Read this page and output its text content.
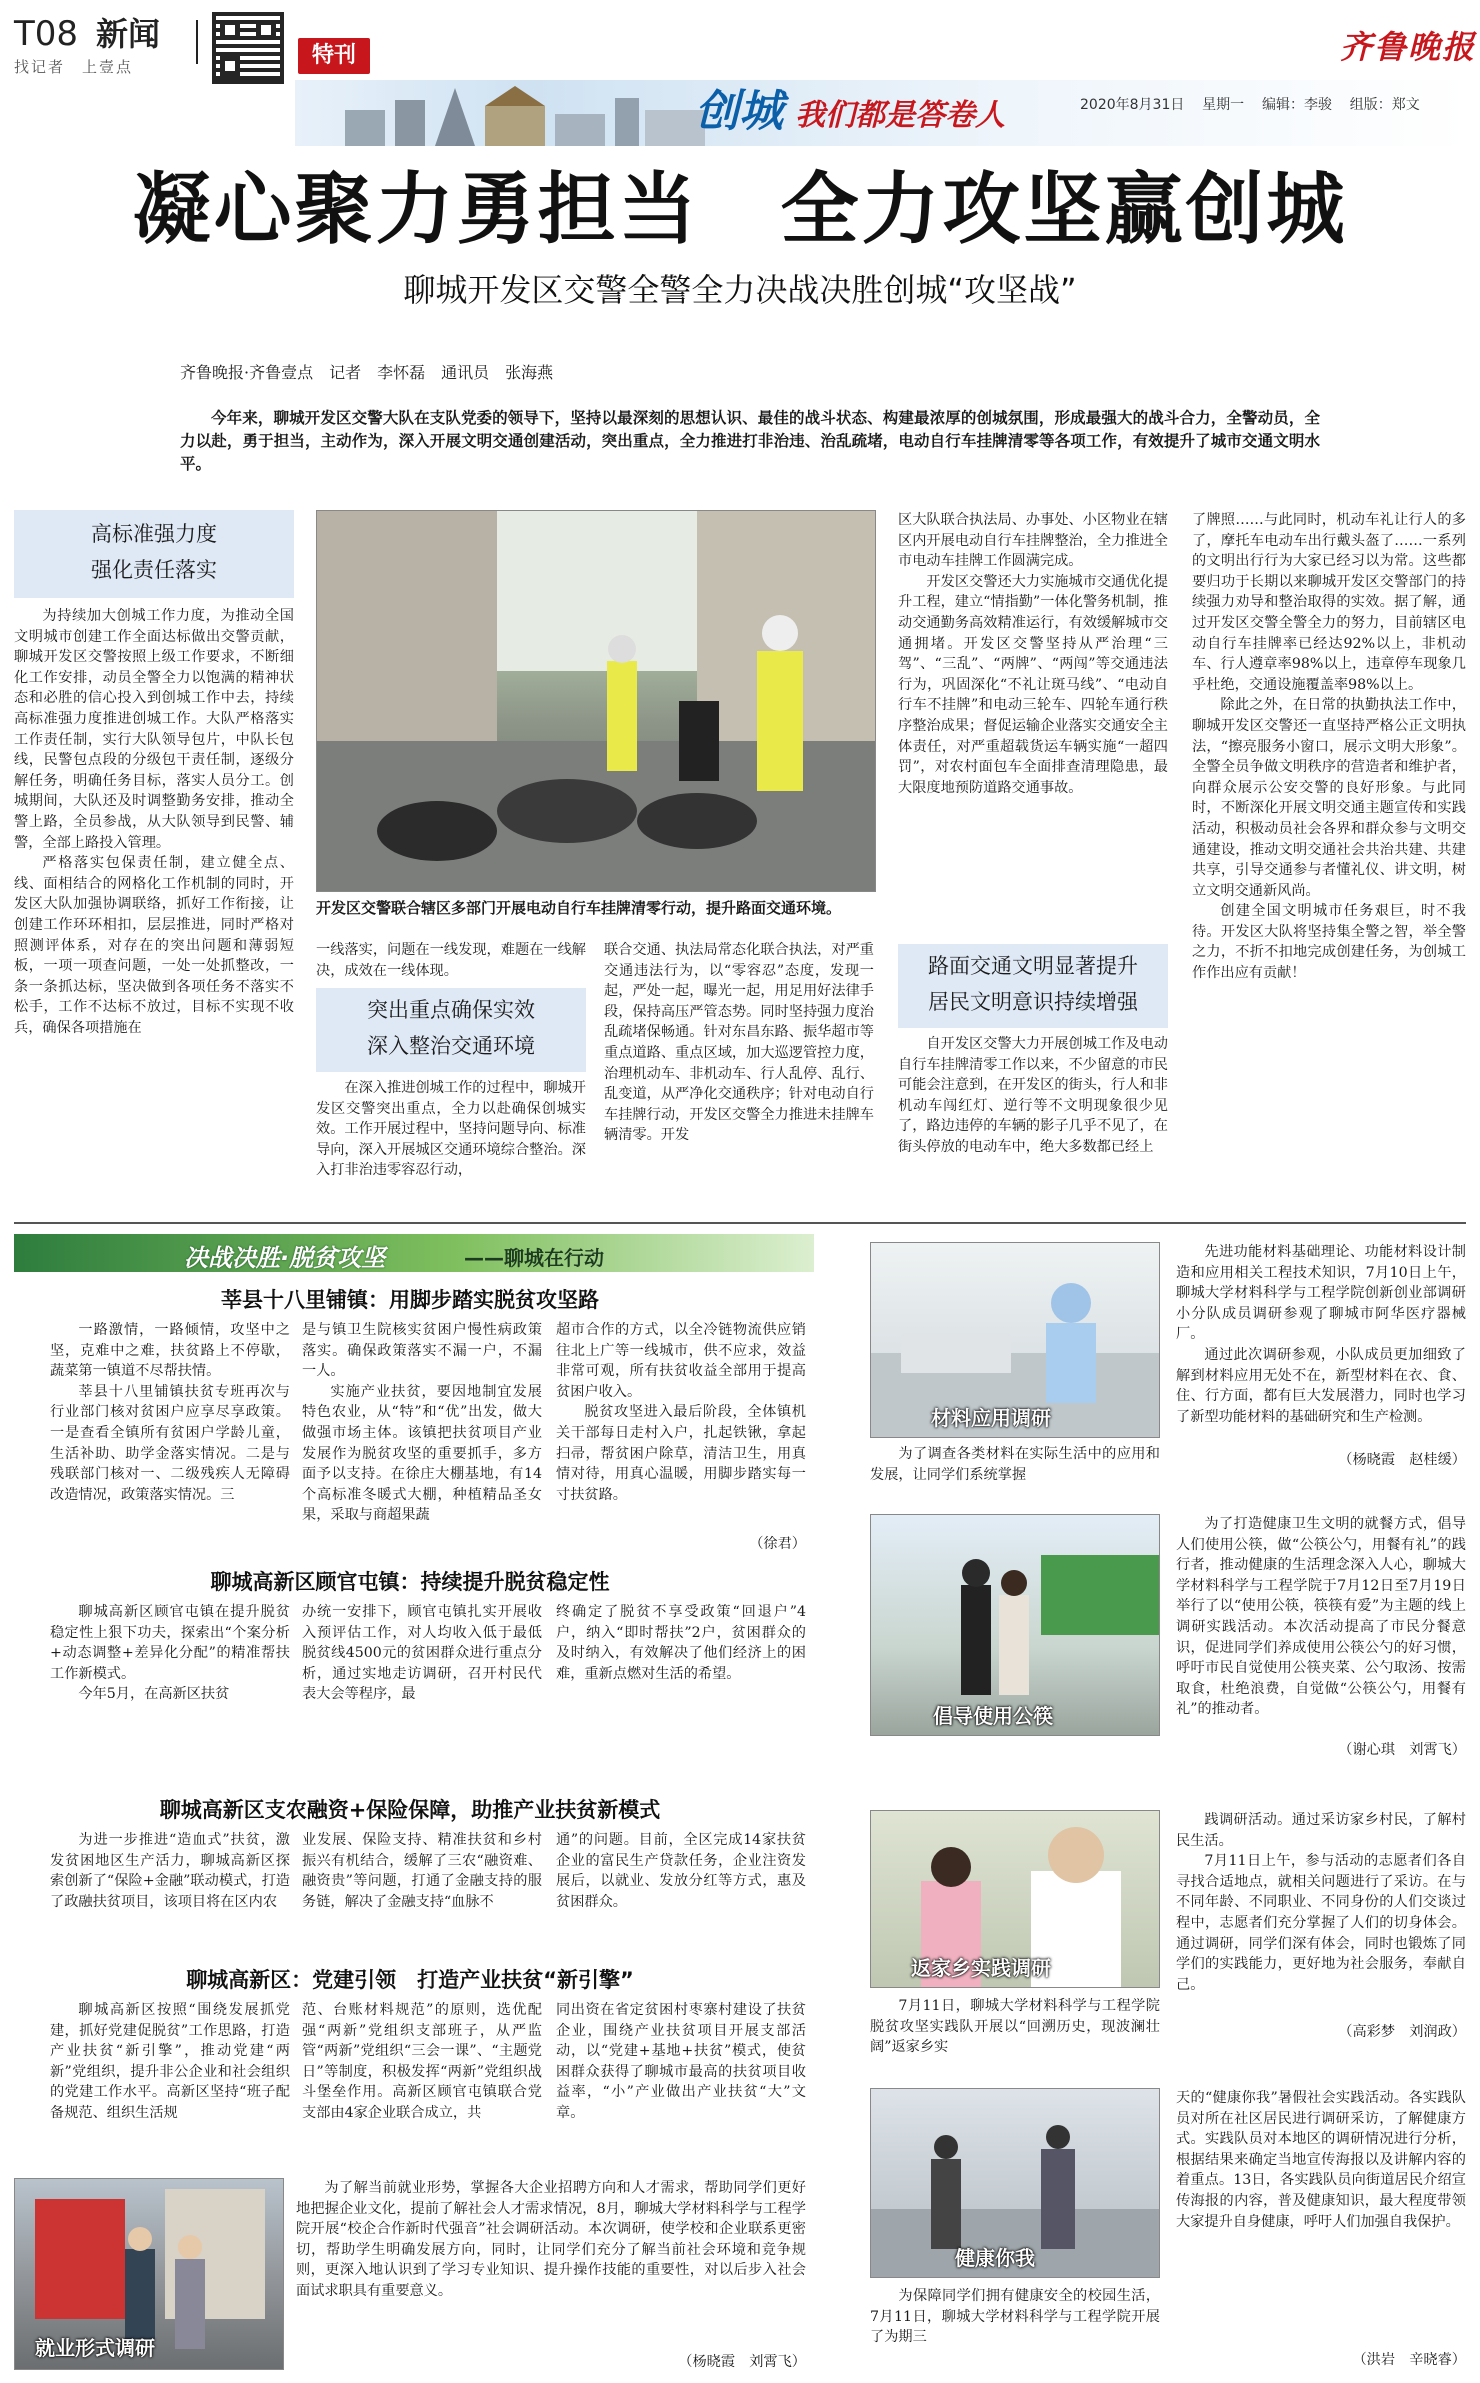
T08 新闻
找记者　上壹点	特刊
创城 我们都是答卷人	2020年8月31日 星期一 编辑：李骏 组版：郑文
齐鲁晚报
凝心聚力勇担当　全力攻坚赢创城
聊城开发区交警全警全力决战决胜创城“攻坚战”
齐鲁晚报·齐鲁壹点　记者　李怀磊　通讯员　张海燕

今年来，聊城开发区交警大队在支队党委的领导下，坚持以最深刻的思想认识、最佳的战斗状态、构建最浓厚的创城氛围，形成最强大的战斗合力，全警动员，全力以赴，勇于担当，主动作为，深入开展文明交通创建活动，突出重点，全力推进打非治违、治乱疏堵，电动自行车挂牌清零等各项工作，有效提升了城市交通文明水平。

高标准强力度
强化责任落实

为持续加大创城工作力度，为推动全国文明城市创建工作全面达标做出交警贡献，聊城开发区交警按照上级工作要求，不断细化工作安排，动员全警全力以饱满的精神状态和必胜的信心投入到创城工作中去，持续高标准强力度推进创城工作。大队严格落实工作责任制，实行大队领导包片，中队长包线，民警包点段的分级包干责任制，逐级分解任务，明确任务目标，落实人员分工。创城期间，大队还及时调整勤务安排，推动全警上路，全员参战，从大队领导到民警、辅警，全部上路投入管理。

严格落实包保责任制，建立健全点、线、面相结合的网格化工作机制的同时，开发区大队加强协调联络，抓好工作衔接，让创建工作环环相扣，层层推进，同时严格对照测评体系，对存在的突出问题和薄弱短板，一项一项查问题，一处一处抓整改，一条一条抓达标，坚决做到各项任务不落实不松手，工作不达标不放过，目标不实现不收兵，确保各项措施在

开发区交警联合辖区多部门开展电动自行车挂牌清零行动，提升路面交通环境。

一线落实，问题在一线发现，难题在一线解决，成效在一线体现。

突出重点确保实效
深入整治交通环境

在深入推进创城工作的过程中，聊城开发区交警突出重点，全力以赴确保创城实效。工作开展过程中，坚持问题导向、标准导向，深入开展城区交通环境综合整治。深入打非治违零容忍行动，

联合交通、执法局常态化联合执法，对严重交通违法行为，以“零容忍”态度，发现一起，严处一起，曝光一起，用足用好法律手段，保持高压严管态势。同时坚持强力度治乱疏堵保畅通。针对东昌东路、振华超市等重点道路、重点区域，加大巡逻管控力度，治理机动车、非机动车、行人乱停、乱行、乱变道，从严净化交通秩序；针对电动自行车挂牌行动，开发区交警全力推进未挂牌车辆清零。开发

区大队联合执法局、办事处、小区物业在辖区内开展电动自行车挂牌整治，全力推进全市电动车挂牌工作圆满完成。

开发区交警还大力实施城市交通优化提升工程，建立“情指勤”一体化警务机制，推动交通勤务高效精准运行，有效缓解城市交通拥堵。开发区交警坚持从严治理“三驾”、“三乱”、“两牌”、“两闯”等交通违法行为，巩固深化“不礼让斑马线”、“电动自行车不挂牌”和电动三轮车、四轮车通行秩序整治成果；督促运输企业落实交通安全主体责任，对严重超载货运车辆实施“一超四罚”，对农村面包车全面排查清理隐患，最大限度地预防道路交通事故。

路面交通文明显著提升
居民文明意识持续增强

自开发区交警大力开展创城工作及电动自行车挂牌清零工作以来，不少留意的市民可能会注意到，在开发区的街头，行人和非机动车闯红灯、逆行等不文明现象很少见了，路边违停的车辆的影子几乎不见了，在街头停放的电动车中，绝大多数都已经上

了牌照……与此同时，机动车礼让行人的多了，摩托车电动车出行戴头盔了……一系列的文明出行行为大家已经习以为常。这些都要归功于长期以来聊城开发区交警部门的持续强力劝导和整治取得的实效。据了解，通过开发区交警全警全力的努力，目前辖区电动自行车挂牌率已经达92%以上，非机动车、行人遵章率98%以上，违章停车现象几乎杜绝，交通设施覆盖率98%以上。

除此之外，在日常的执勤执法工作中，聊城开发区交警还一直坚持严格公正文明执法，“擦亮服务小窗口，展示文明大形象”。全警全员争做文明秩序的营造者和维护者，向群众展示公安交警的良好形象。与此同时，不断深化开展文明交通主题宣传和实践活动，积极动员社会各界和群众参与文明交通建设，推动文明交通社会共治共建、共建共享，引导交通参与者懂礼仪、讲文明，树立文明交通新风尚。

创建全国文明城市任务艰巨，时不我待。开发区大队将坚持集全警之智，举全警之力，不折不扣地完成创建任务，为创城工作作出应有贡献！

决战决胜·脱贫攻坚	——聊城在行动
莘县十八里铺镇：用脚步踏实脱贫攻坚路

一路激情，一路倾情，攻坚中之坚，克难中之难，扶贫路上不停歇，蔬菜第一镇道不尽帮扶情。

莘县十八里铺镇扶贫专班再次与行业部门核对贫困户应享尽享政策。一是查看全镇所有贫困户学龄儿童，生活补助、助学金落实情况。二是与残联部门核对一、二级残疾人无障碍改造情况，政策落实情况。三

是与镇卫生院核实贫困户慢性病政策落实。确保政策落实不漏一户，不漏一人。

实施产业扶贫，要因地制宜发展特色农业，从“特”和“优”出发，做大做强市场主体。该镇把扶贫项目产业发展作为脱贫攻坚的重要抓手，多方面予以支持。在徐庄大棚基地，有14个高标准冬暖式大棚，种植精品圣女果，采取与商超果蔬

超市合作的方式，以全冷链物流供应销往北上广等一线城市，供不应求，效益非常可观，所有扶贫收益全部用于提高贫困户收入。

脱贫攻坚进入最后阶段，全体镇机关干部每日走村入户，扎起铁锹，拿起扫帚，帮贫困户除草，清洁卫生，用真情对待，用真心温暖，用脚步踏实每一寸扶贫路。

（徐君）
聊城高新区顾官屯镇：持续提升脱贫稳定性

聊城高新区顾官屯镇在提升脱贫稳定性上狠下功夫，探索出“个案分析+动态调整+差异化分配”的精准帮扶工作新模式。

今年5月，在高新区扶贫

办统一安排下，顾官屯镇扎实开展收入预评估工作，对人均收入低于最低脱贫线4500元的贫困群众进行重点分析，通过实地走访调研，召开村民代表大会等程序，最

终确定了脱贫不享受政策“回退户”4户，纳入“即时帮扶”2户，贫困群众的及时纳入，有效解决了他们经济上的困难，重新点燃对生活的希望。

聊城高新区支农融资+保险保障，助推产业扶贫新模式

为进一步推进“造血式”扶贫，激发贫困地区生产活力，聊城高新区探索创新了“保险+金融”联动模式，打造了政融扶贫项目，该项目将在区内农

业发展、保险支持、精准扶贫和乡村振兴有机结合，缓解了三农“融资难、融资贵”等问题，打通了金融支持的服务链，解决了金融支持“血脉不

通”的问题。目前，全区完成14家扶贫企业的富民生产贷款任务，企业注资发展后，以就业、发放分红等方式，惠及贫困群众。

聊城高新区：党建引领　打造产业扶贫“新引擎”

聊城高新区按照“围绕发展抓党建，抓好党建促脱贫”工作思路，打造产业扶贫“新引擎”，推动党建“两新”党组织，提升非公企业和社会组织的党建工作水平。高新区坚持“班子配备规范、组织生活规

范、台账材料规范”的原则，选优配强“两新”党组织支部班子，从严监管“两新”党组织“三会一课”、“主题党日”等制度，积极发挥“两新”党组织战斗堡垒作用。高新区顾官屯镇联合党支部由4家企业联合成立，共

同出资在省定贫困村枣寨村建设了扶贫企业，围绕产业扶贫项目开展支部活动，以“党建+基地+扶贫”模式，使贫困群众获得了聊城市最高的扶贫项目收益率，“小”产业做出产业扶贫“大”文章。

就业形式调研

为了解当前就业形势，掌握各大企业招聘方向和人才需求，帮助同学们更好地把握企业文化，提前了解社会人才需求情况，8月，聊城大学材料科学与工程学院开展“校企合作新时代强音”社会调研活动。本次调研，使学校和企业联系更密切，帮助学生明确发展方向，同时，让同学们充分了解当前社会环境和竞争规则，更深入地认识到了学习专业知识、提升操作技能的重要性，对以后步入社会面试求职具有重要意义。

（杨晓霞　刘霄飞）
材料应用调研

为了调查各类材料在实际生活中的应用和发展，让同学们系统掌握

先进功能材料基础理论、功能材料设计制造和应用相关工程技术知识，7月10日上午，聊城大学材料科学与工程学院创新创业部调研小分队成员调研参观了聊城市阿华医疗器械厂。

通过此次调研参观，小队成员更加细致了解到材料应用无处不在，新型材料在衣、食、住、行方面，都有巨大发展潜力，同时也学习了新型功能材料的基础研究和生产检测。

（杨晓霞　赵桂缓）
倡导使用公筷

为了打造健康卫生文明的就餐方式，倡导人们使用公筷，做“公筷公勺，用餐有礼”的践行者，推动健康的生活理念深入人心，聊城大学材料科学与工程学院于7月12日至7月19日举行了以“使用公筷，筷筷有爱”为主题的线上调研实践活动。本次活动提高了市民分餐意识，促进同学们养成使用公筷公勺的好习惯，呼吁市民自觉使用公筷夹菜、公勺取汤、按需取食，杜绝浪费，自觉做“公筷公勺，用餐有礼”的推动者。

（谢心琪　刘霄飞）
返家乡实践调研

7月11日，聊城大学材料科学与工程学院脱贫攻坚实践队开展以“回溯历史，现波澜壮阔”返家乡实

践调研活动。通过采访家乡村民，了解村民生活。

7月11日上午，参与活动的志愿者们各自寻找合适地点，就相关问题进行了采访。在与不同年龄、不同职业、不同身份的人们交谈过程中，志愿者们充分掌握了人们的切身体会。通过调研，同学们深有体会，同时也锻炼了同学们的实践能力，更好地为社会服务，奉献自己。

（高彩梦　刘润政）
健康你我

为保障同学们拥有健康安全的校园生活，7月11日，聊城大学材料科学与工程学院开展了为期三

天的“健康你我”暑假社会实践活动。各实践队员对所在社区居民进行调研采访，了解健康方式。实践队员对本地区的调研情况进行分析，根据结果来确定当地宣传海报以及讲解内容的着重点。13日，各实践队员向街道居民介绍宣传海报的内容，普及健康知识，最大程度带领大家提升自身健康，呼吁人们加强自我保护。

（洪岩　辛晓睿）
